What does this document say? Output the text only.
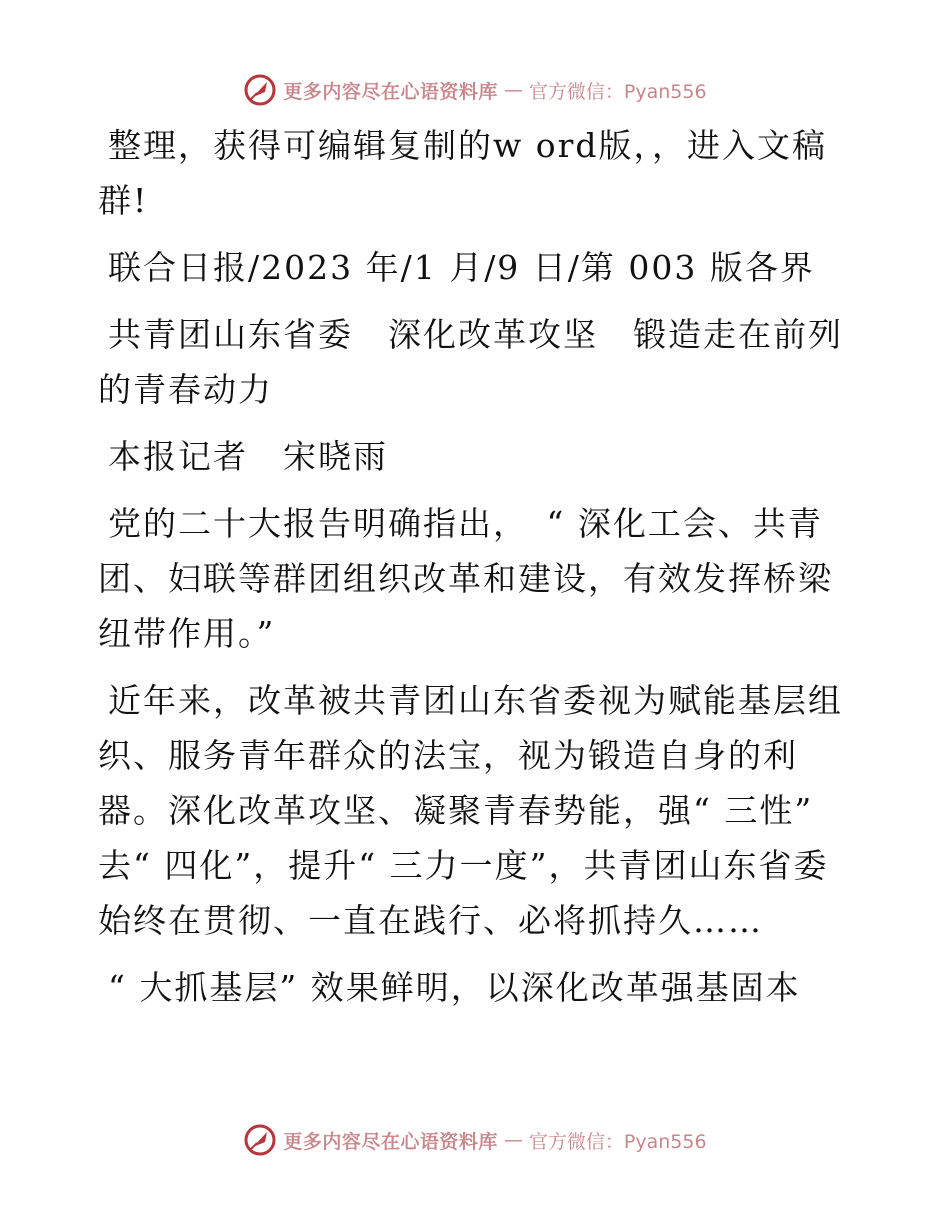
更多内容尽在心语资料库 — 官方微信：Pyan556

整理，获得可编辑复制的w ord版，，进入文稿群!

联合日报/2023 年/1 月/9 日/第 003 版各界

共青团山东省委　深化改革攻坚　锻造走在前列的青春动力

本报记者　宋晓雨

党的二十大报告明确指出，　“ 深化工会、共青团、妇联等群团组织改革和建设，有效发挥桥梁纽带作用。”

近年来，改革被共青团山东省委视为赋能基层组织、服务青年群众的法宝，视为锻造自身的利器。深化改革攻坚、凝聚青春势能，强“ 三性” 去“ 四化”，提升“ 三力一度”，共青团山东省委始终在贯彻、一直在践行、必将抓持久……

“ 大抓基层” 效果鲜明，以深化改革强基固本

更多内容尽在心语资料库 — 官方微信：Pyan556
